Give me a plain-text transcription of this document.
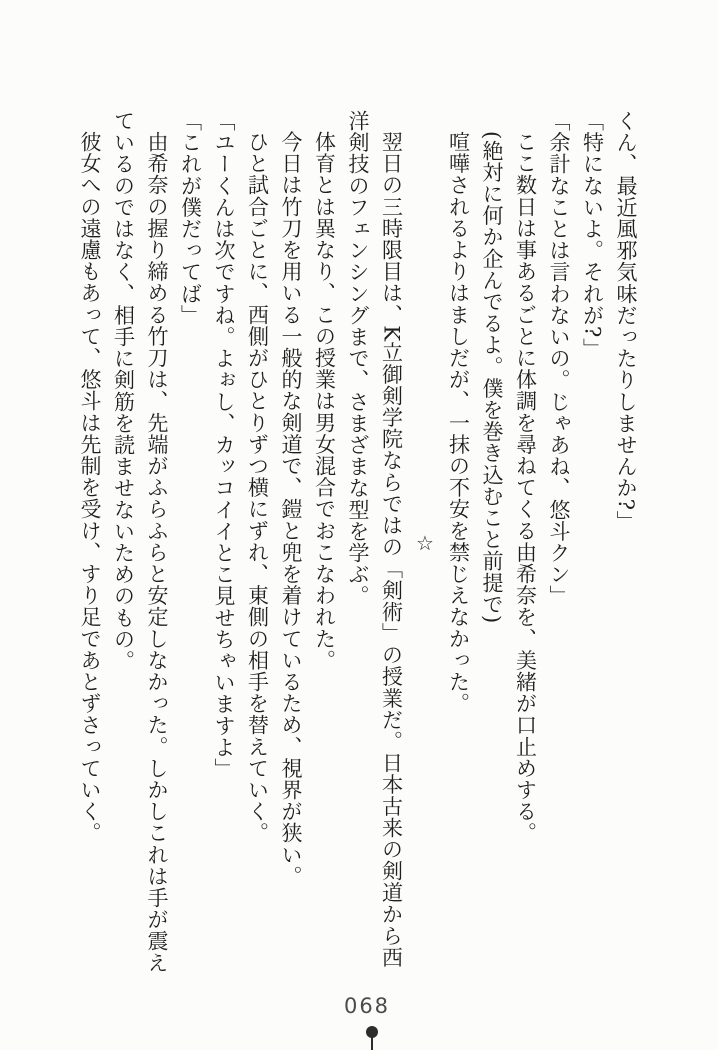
くん、最近風邪気味だったりしませんか?」

「特にないよ。それが?」

「余計なことは言わないの。じゃあね、悠斗クン」

ここ数日は事あるごとに体調を尋ねてくる由希奈を、美緒が口止めする。

(絶対に何か企んでるよ。僕を巻き込むこと前提で)

喧嘩されるよりはましだが、一抹の不安を禁じえなかった。

☆

翌日の三時限目は、K立御剣学院ならではの「剣術」の授業だ。日本古来の剣道から西

洋剣技のフェンシングまで、さまざまな型を学ぶ。

体育とは異なり、この授業は男女混合でおこなわれた。

今日は竹刀を用いる一般的な剣道で、鎧と兜を着けているため、視界が狭い。

ひと試合ごとに、西側がひとりずつ横にずれ、東側の相手を替えていく。

「ユーくんは次ですね。よぉし、カッコイイとこ見せちゃいますよ」

「これが僕だってば」

由希奈の握り締める竹刀は、先端がふらふらと安定しなかった。しかしこれは手が震え

ているのではなく、相手に剣筋を読ませないためのもの。

彼女への遠慮もあって、悠斗は先制を受け、すり足であとずさっていく。

068
